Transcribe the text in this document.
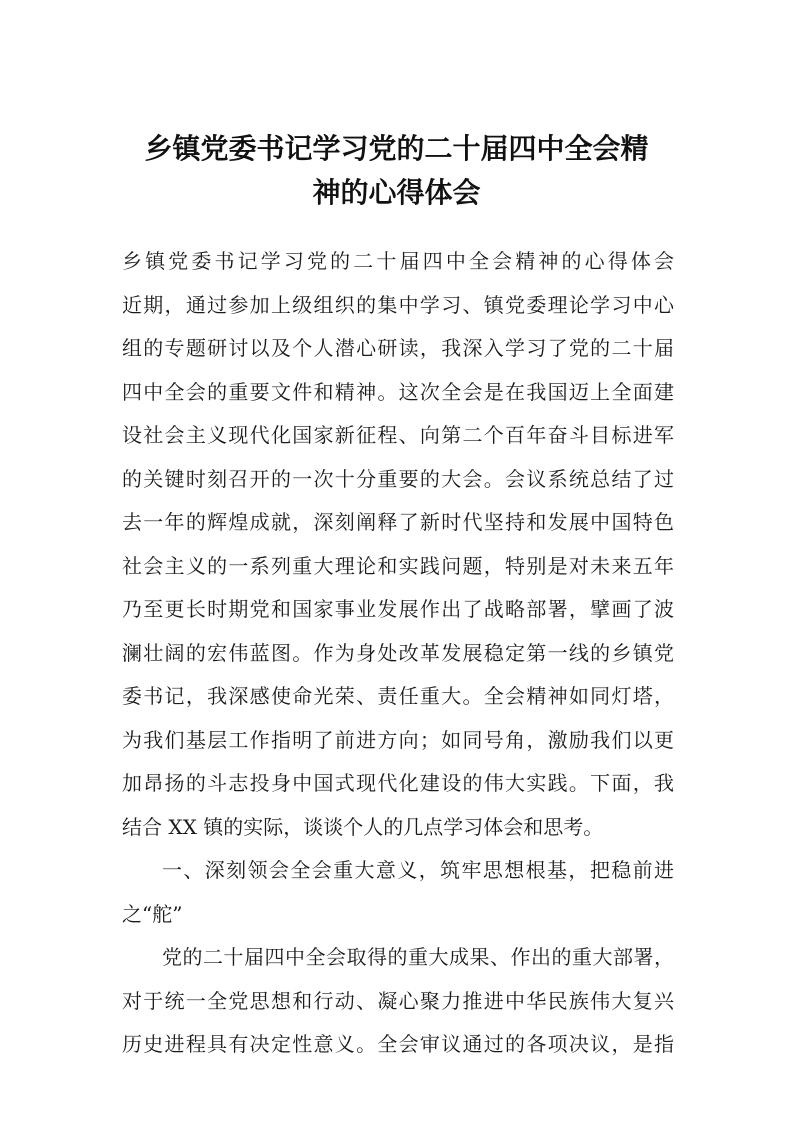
乡镇党委书记学习党的二十届四中全会精
神的心得体会
乡镇党委书记学习党的二十届四中全会精神的心得体会
近期，通过参加上级组织的集中学习、镇党委理论学习中心
组的专题研讨以及个人潜心研读，我深入学习了党的二十届
四中全会的重要文件和精神。这次全会是在我国迈上全面建
设社会主义现代化国家新征程、向第二个百年奋斗目标进军
的关键时刻召开的一次十分重要的大会。会议系统总结了过
去一年的辉煌成就，深刻阐释了新时代坚持和发展中国特色
社会主义的一系列重大理论和实践问题，特别是对未来五年
乃至更长时期党和国家事业发展作出了战略部署，擘画了波
澜壮阔的宏伟蓝图。作为身处改革发展稳定第一线的乡镇党
委书记，我深感使命光荣、责任重大。全会精神如同灯塔，
为我们基层工作指明了前进方向；如同号角，激励我们以更
加昂扬的斗志投身中国式现代化建设的伟大实践。下面，我
结合 XX 镇的实际，谈谈个人的几点学习体会和思考。
一、深刻领会全会重大意义，筑牢思想根基，把稳前进
之“舵”
党的二十届四中全会取得的重大成果、作出的重大部署，
对于统一全党思想和行动、凝心聚力推进中华民族伟大复兴
历史进程具有决定性意义。全会审议通过的各项决议，是指
